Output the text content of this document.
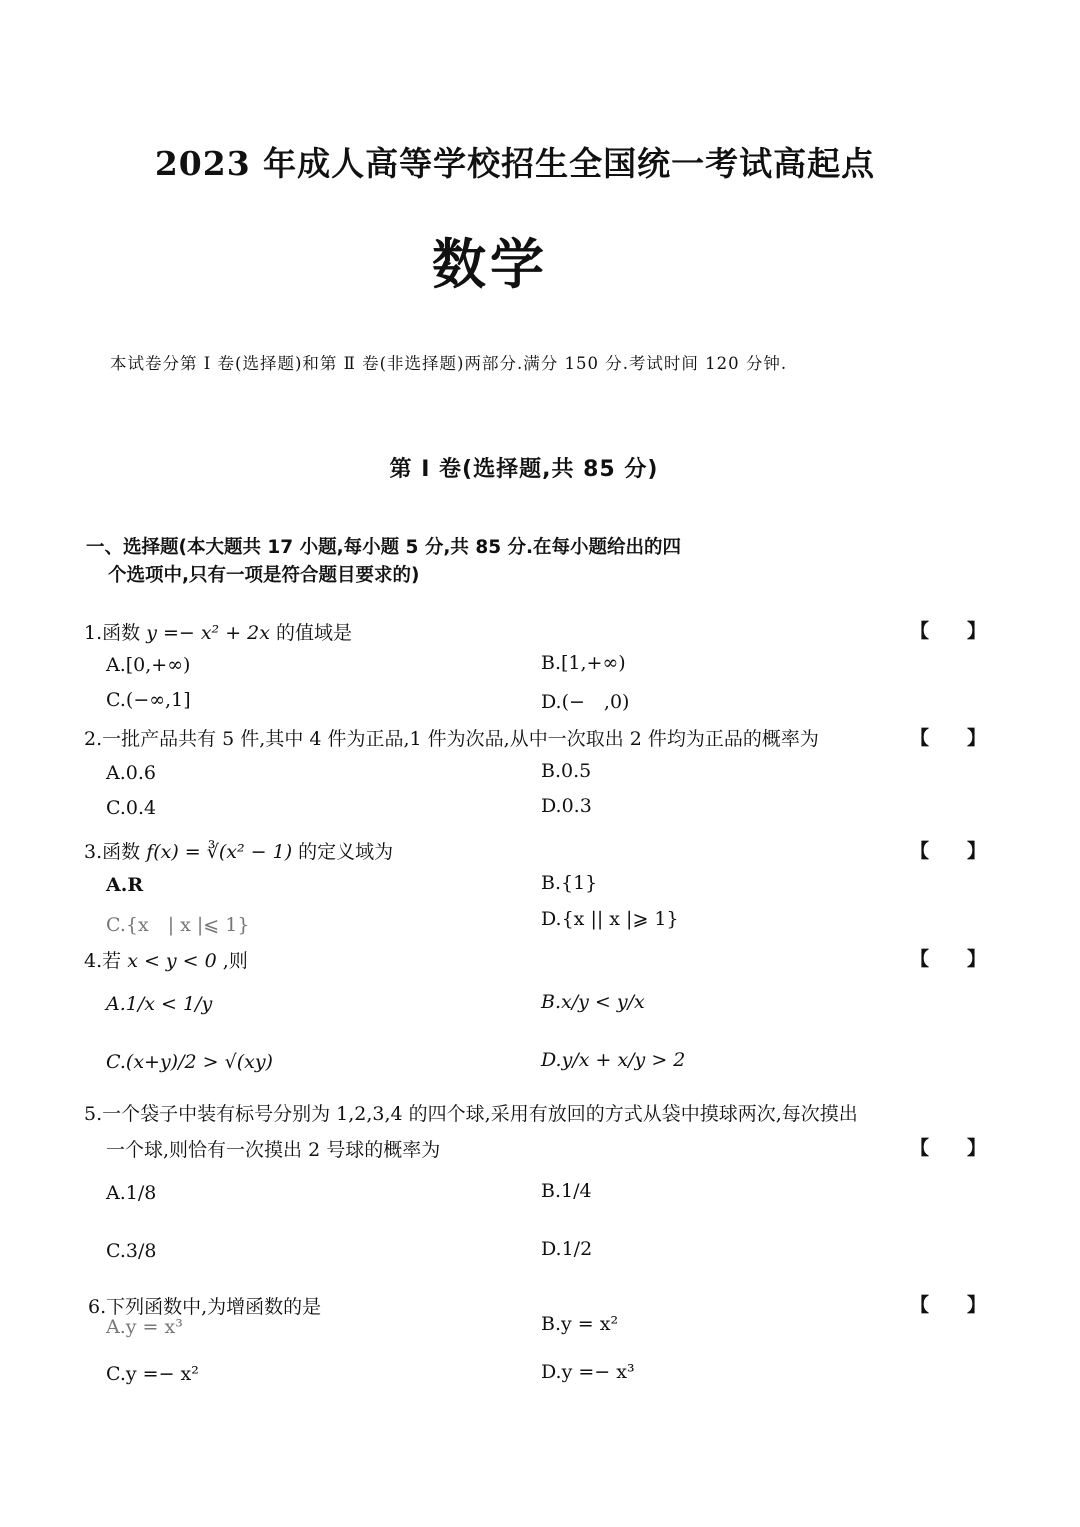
2023 年成人高等学校招生全国统一考试高起点
数学
本试卷分第 Ⅰ 卷(选择题)和第 Ⅱ 卷(非选择题)两部分.满分 150 分.考试时间 120 分钟.
第 Ⅰ 卷(选择题,共 85 分)
一、选择题(本大题共 17 小题,每小题 5 分,共 85 分.在每小题给出的四
个选项中,只有一项是符合题目要求的)
1.函数 y =− x² + 2x 的值域是	【　　】
A.[0,+∞)	B.[1,+∞)
C.(−∞,1]	D.(−　,0)
2.一批产品共有 5 件,其中 4 件为正品,1 件为次品,从中一次取出 2 件均为正品的概率为	【　　】
A.0.6	B.0.5
C.0.4	D.0.3
3.函数 f(x) = ∛(x² − 1) 的定义域为	【　　】
A.R	B.{1}
C.{x　| x |⩽ 1}	D.{x || x |⩾ 1}
4.若 x < y < 0 ,则	【　　】
A.1/x < 1/y	B.x/y < y/x
C.(x+y)/2 > √(xy)	D.y/x + x/y > 2
5.一个袋子中装有标号分别为 1,2,3,4 的四个球,采用有放回的方式从袋中摸球两次,每次摸出
一个球,则恰有一次摸出 2 号球的概率为	【　　】
A.1/8	B.1/4
C.3/8	D.1/2
6.下列函数中,为增函数的是	【　　】
A.y = x³	B.y = x²
C.y =− x²	D.y =− x³
